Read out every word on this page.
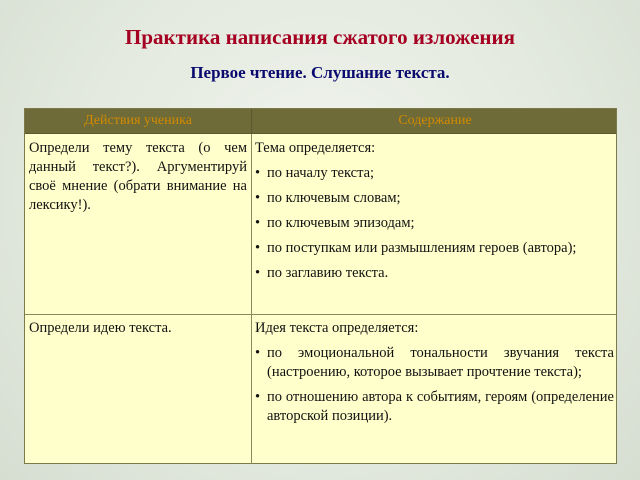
Практика написания сжатого изложения
Первое чтение. Слушание текста.
Действия ученика	Содержание
Определи тему текста (о чем данный текст?). Аргументируй своё мнение (обрати внимание на лексику!).
Тема определяется:
• по началу текста;
• по ключевым словам;
• по ключевым эпизодам;
• по поступкам или размышлениям героев (автора);
• по заглавию текста.
Определи идею текста.	Идея текста определяется:
• по эмоциональной тональности звучания текста (настроению, которое вызывает прочтение текста);
• по отношению автора к событиям, героям (определение авторской позиции).
